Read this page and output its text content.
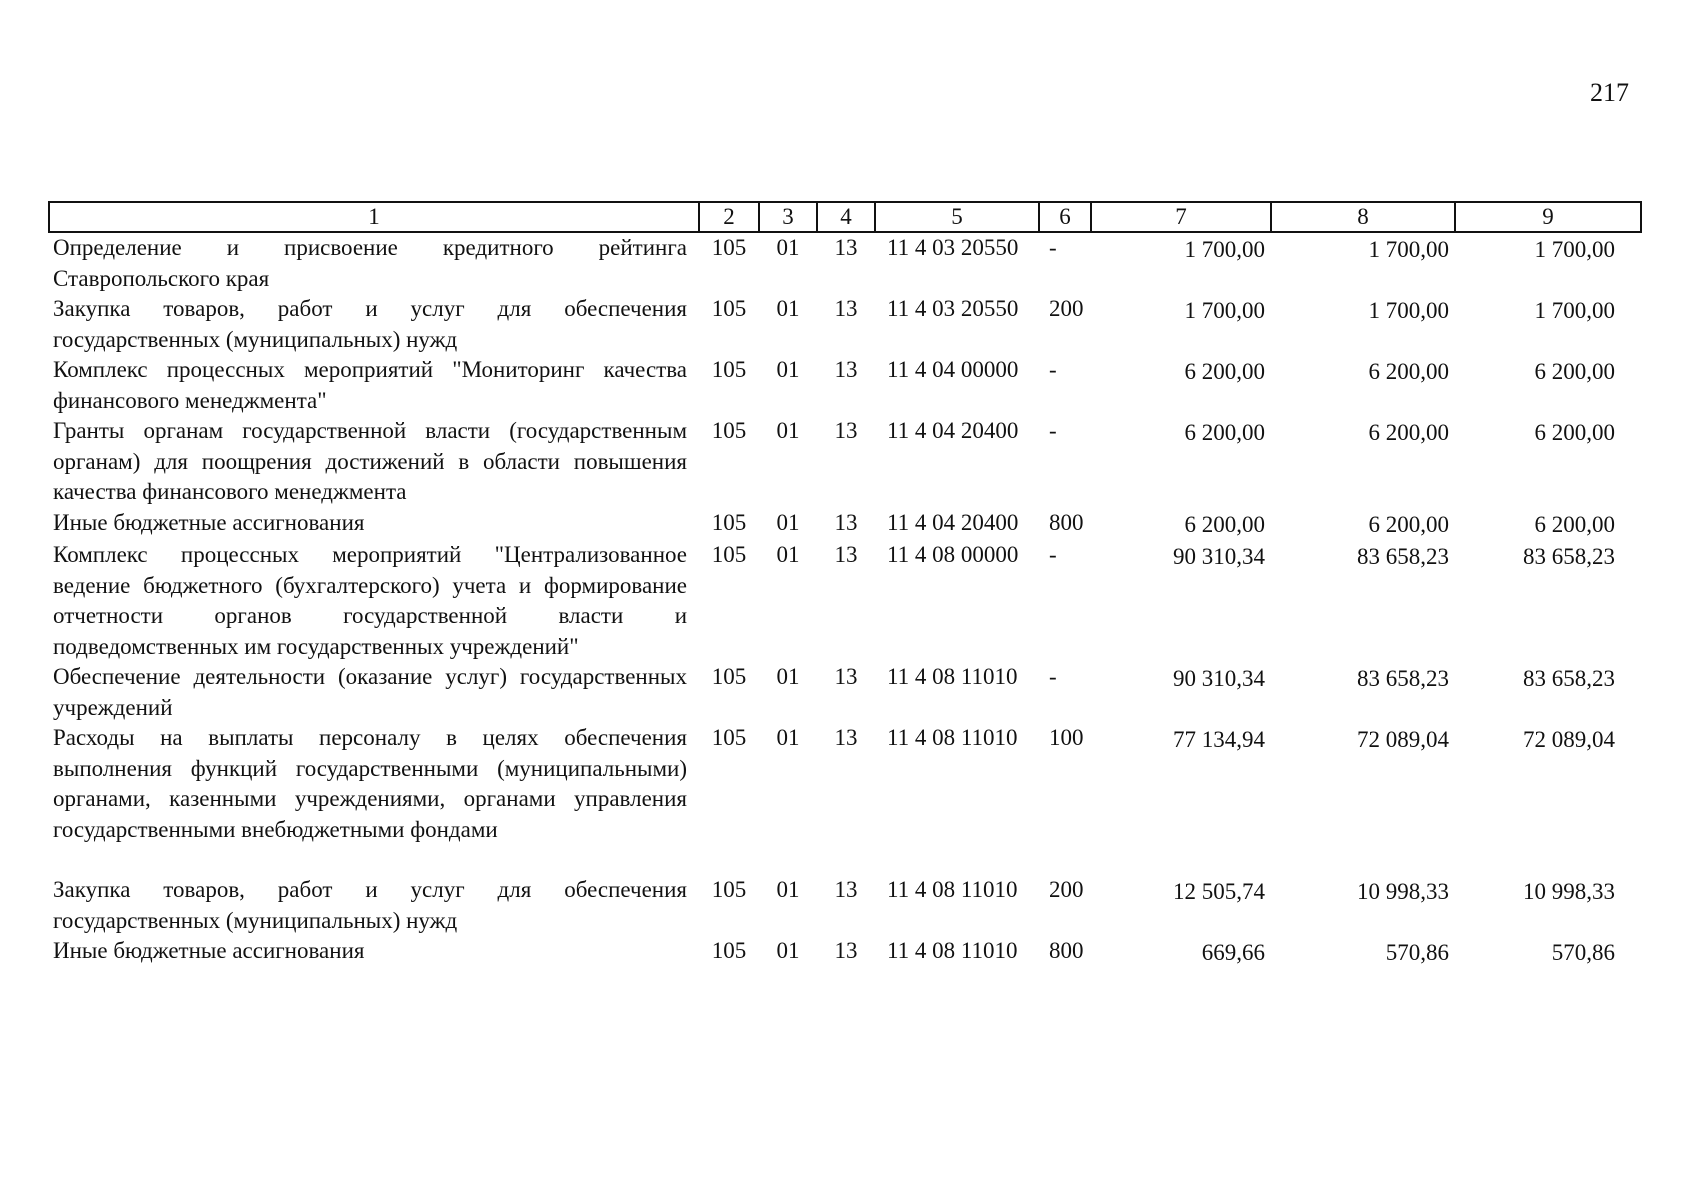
217
1	2	3	4	5	6	7	8	9
Определение и присвоение кредитного рейтинга Ставропольского края	105	01	13	11 4 03 20550	-	1 700,00	1 700,00	1 700,00
Закупка товаров, работ и услуг для обеспечения государственных (муниципальных) нужд	105	01	13	11 4 03 20550	200	1 700,00	1 700,00	1 700,00
Комплекс процессных мероприятий "Мониторинг качества финансового менеджмента"	105	01	13	11 4 04 00000	-	6 200,00	6 200,00	6 200,00
Гранты органам государственной власти (государственным органам) для поощрения достижений в области повышения качества финансового менеджмента	105	01	13	11 4 04 20400	-	6 200,00	6 200,00	6 200,00
Иные бюджетные ассигнования	105	01	13	11 4 04 20400	800	6 200,00	6 200,00	6 200,00
Комплекс процессных мероприятий "Централизованное ведение бюджетного (бухгалтерского) учета и формирование отчетности органов государственной власти и подведомственных им государственных учреждений"	105	01	13	11 4 08 00000	-	90 310,34	83 658,23	83 658,23
Обеспечение деятельности (оказание услуг) государственных учреждений	105	01	13	11 4 08 11010	-	90 310,34	83 658,23	83 658,23
Расходы на выплаты персоналу в целях обеспечения выполнения функций государственными (муниципальными) органами, казенными учреждениями, органами управления государственными внебюджетными фондами	105	01	13	11 4 08 11010	100	77 134,94	72 089,04	72 089,04

Закупка товаров, работ и услуг для обеспечения государственных (муниципальных) нужд	105	01	13	11 4 08 11010	200	12 505,74	10 998,33	10 998,33
Иные бюджетные ассигнования	105	01	13	11 4 08 11010	800	669,66	570,86	570,86
